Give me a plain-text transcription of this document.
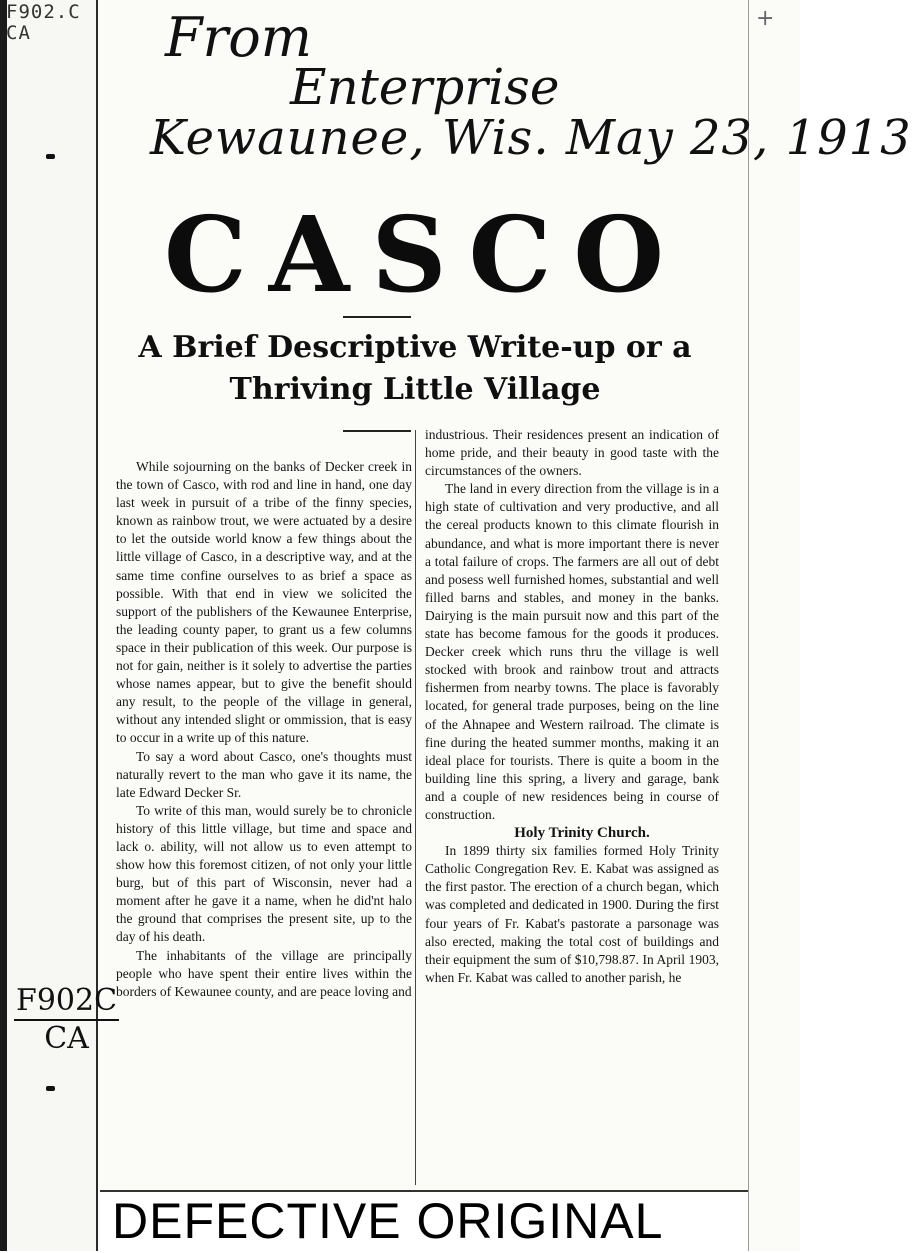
F902.C
CA
+
From
Enterprise
Kewaunee, Wis. May 23, 1913
CASCO
A Brief Descriptive Write-up or a
Thriving Little Village

While sojourning on the banks of Decker creek in the town of Casco, with rod and line in hand, one day last week in pursuit of a tribe of the finny species, known as rainbow trout, we were actuated by a desire to let the outside world know a few things about the little village of Casco, in a descriptive way, and at the same time confine ourselves to as brief a space as possible. With that end in view we solicited the support of the publishers of the Kewaunee Enterprise, the leading county paper, to grant us a few columns space in their publication of this week. Our purpose is not for gain, neither is it solely to advertise the parties whose names appear, but to give the benefit should any result, to the people of the village in general, without any intended slight or ommission, that is easy to occur in a write up of this nature.

To say a word about Casco, one's thoughts must naturally revert to the man who gave it its name, the late Edward Decker Sr.

To write of this man, would surely be to chronicle history of this little village, but time and space and lack o. ability, will not allow us to even attempt to show how this foremost citizen, of not only your little burg, but of this part of Wisconsin, never had a moment after he gave it a name, when he did'nt halo the ground that comprises the present site, up to the day of his death.

The inhabitants of the village are principally people who have spent their entire lives within the borders of Kewaunee county, and are peace loving and

industrious. Their residences present an indication of home pride, and their beauty in good taste with the circumstances of the owners.

The land in every direction from the village is in a high state of cultivation and very productive, and all the cereal products known to this climate flourish in abundance, and what is more important there is never a total failure of crops. The farmers are all out of debt and posess well furnished homes, substantial and well filled barns and stables, and money in the banks. Dairying is the main pursuit now and this part of the state has become famous for the goods it produces. Decker creek which runs thru the village is well stocked with brook and rainbow trout and attracts fishermen from nearby towns. The place is favorably located, for general trade purposes, being on the line of the Ahnapee and Western railroad. The climate is fine during the heated summer months, making it an ideal place for tourists. There is quite a boom in the building line this spring, a livery and garage, bank and a couple of new residences being in course of construction.

Holy Trinity Church.

In 1899 thirty six families formed Holy Trinity Catholic Congregation Rev. E. Kabat was assigned as the first pastor. The erection of a church began, which was completed and dedicated in 1900. During the first four years of Fr. Kabat's pastorate a parsonage was also erected, making the total cost of buildings and their equipment the sum of $10,798.87. In April 1903, when Fr. Kabat was called to another parish, he

F902C
CA
DEFECTIVE ORIGINAL
